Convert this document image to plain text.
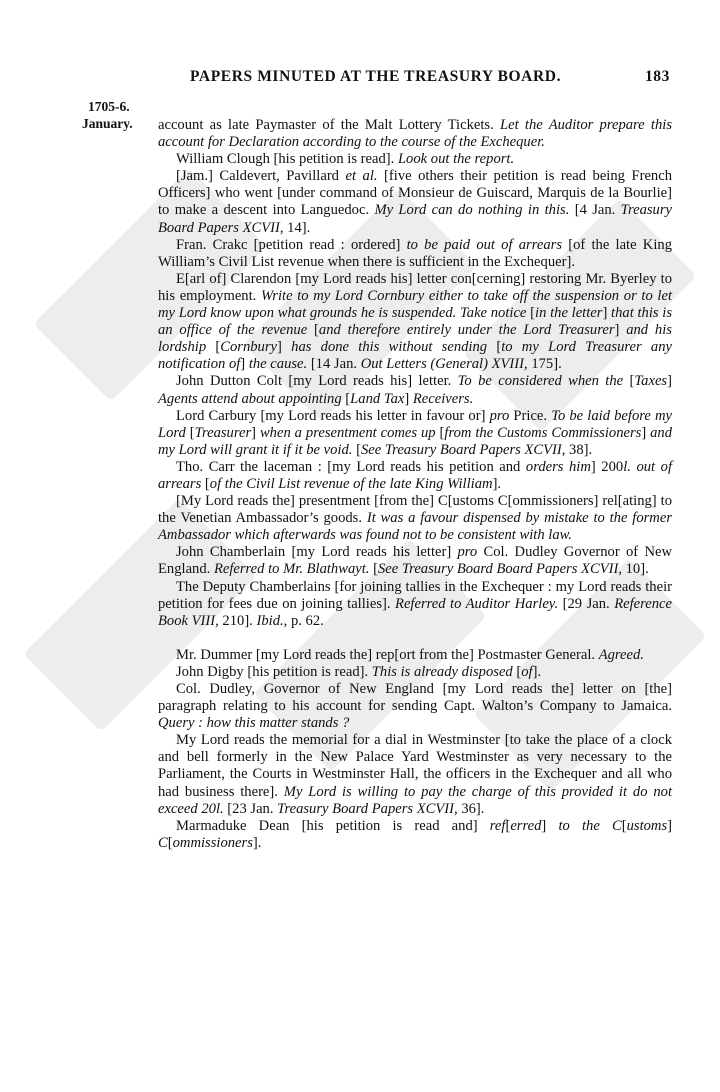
PAPERS MINUTED AT THE TREASURY BOARD.	183
1705-6.
January. account as late Paymaster of the Malt Lottery Tickets. Let the Auditor prepare this account for Declaration according to the course of the Exchequer.

William Clough [his petition is read]. Look out the report.

[Jam.] Caldevert, Pavillard et al. [five others their petition is read being French Officers] who went [under command of Monsieur de Guiscard, Marquis de la Bourlie] to make a descent into Languedoc. My Lord can do nothing in this. [4 Jan. Treasury Board Papers XCVII, 14].

Fran. Crakc [petition read : ordered] to be paid out of arrears [of the late King William’s Civil List revenue when there is sufficient in the Exchequer].

E[arl of] Clarendon [my Lord reads his] letter con[cerning] restoring Mr. Byerley to his employment. Write to my Lord Cornbury either to take off the suspension or to let my Lord know upon what grounds he is suspended. Take notice [in the letter] that this is an office of the revenue [and therefore entirely under the Lord Treasurer] and his lordship [Cornbury] has done this without sending [to my Lord Treasurer any notification of] the cause. [14 Jan. Out Letters (General) XVIII, 175].

John Dutton Colt [my Lord reads his] letter. To be considered when the [Taxes] Agents attend about appointing [Land Tax] Receivers.

Lord Carbury [my Lord reads his letter in favour or] pro Price. To be laid before my Lord [Treasurer] when a presentment comes up [from the Customs Commissioners] and my Lord will grant it if it be void. [See Treasury Board Papers XCVII, 38].

Tho. Carr the laceman : [my Lord reads his petition and orders him] 200l. out of arrears [of the Civil List revenue of the late King William].

[My Lord reads the] presentment [from the] C[ustoms C[ommissioners] rel[ating] to the Venetian Ambassador’s goods. It was a favour dispensed by mistake to the former Ambassador which afterwards was found not to be consistent with law.

John Chamberlain [my Lord reads his letter] pro Col. Dudley Governor of New England. Referred to Mr. Blathwayt. [See Treasury Board Board Papers XCVII, 10].

The Deputy Chamberlains [for joining tallies in the Exchequer : my Lord reads their petition for fees due on joining tallies]. Referred to Auditor Harley. [29 Jan. Reference Book VIII, 210]. Ibid., p. 62.

Mr. Dummer [my Lord reads the] rep[ort from the] Postmaster General. Agreed.

John Digby [his petition is read]. This is already disposed [of].

Col. Dudley, Governor of New England [my Lord reads the] letter on [the] paragraph relating to his account for sending Capt. Walton’s Company to Jamaica. Query : how this matter stands ?

My Lord reads the memorial for a dial in Westminster [to take the place of a clock and bell formerly in the New Palace Yard Westminster as very necessary to the Parliament, the Courts in Westminster Hall, the officers in the Exchequer and all who had business there]. My Lord is willing to pay the charge of this provided it do not exceed 20l. [23 Jan. Treasury Board Papers XCVII, 36].

Marmaduke Dean [his petition is read and] ref[erred] to the C[ustoms] C[ommissioners].
